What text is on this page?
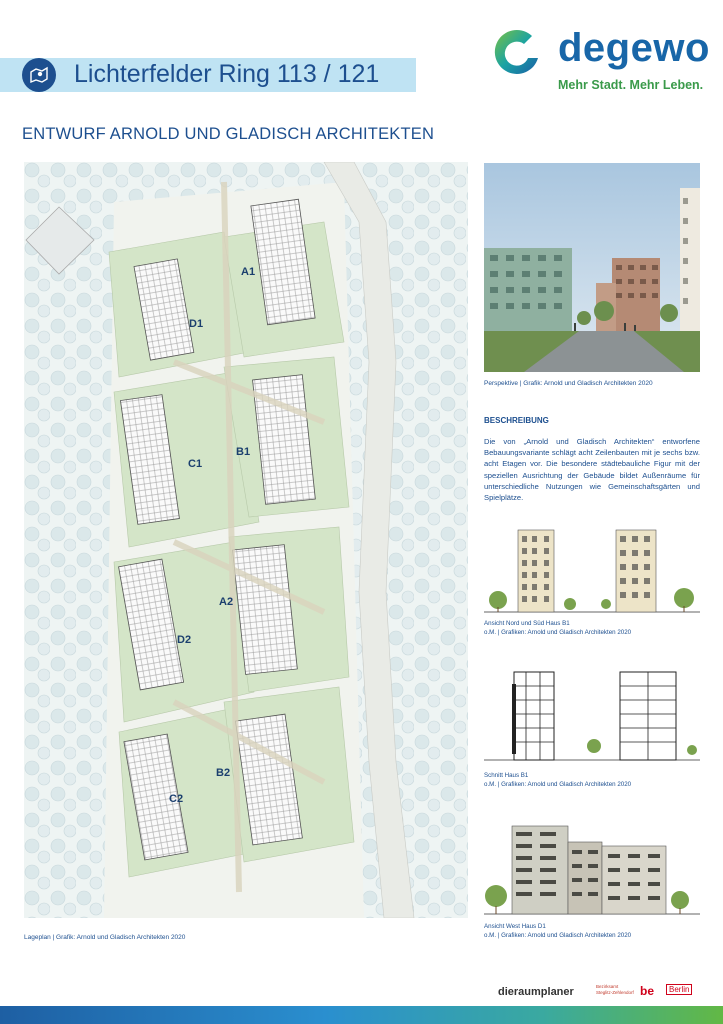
Lichterfelder Ring 113 / 121
degewo
Mehr Stadt. Mehr Leben.
ENTWURF ARNOLD UND GLADISCH ARCHITEKTEN
A1
D1
B1
C1
A2
D2
B2
C2
Lageplan | Grafik: Arnold und Gladisch Architekten 2020
Perspektive | Grafik: Arnold und Gladisch Architekten 2020
BESCHREIBUNG
Die von „Arnold und Gladisch Architekten“ entworfene Bebauungsvariante schlägt acht Zeilenbauten mit je sechs bzw. acht Etagen vor. Die besondere städtebauliche Figur mit der speziellen Ausrichtung der Gebäude bildet Außenräume für unterschiedliche Nutzungen wie Gemeinschaftsgärten und Spielplätze.
Ansicht Nord und Süd Haus B1
o.M. | Grafiken: Arnold und Gladisch Architekten 2020
Schnitt Haus B1
o.M. | Grafiken: Arnold und Gladisch Architekten 2020
Ansicht West Haus D1
o.M. | Grafiken: Arnold und Gladisch Architekten 2020
dieraumplaner	Bezirksamt Steglitz-Zehlendorf be	Berlin
